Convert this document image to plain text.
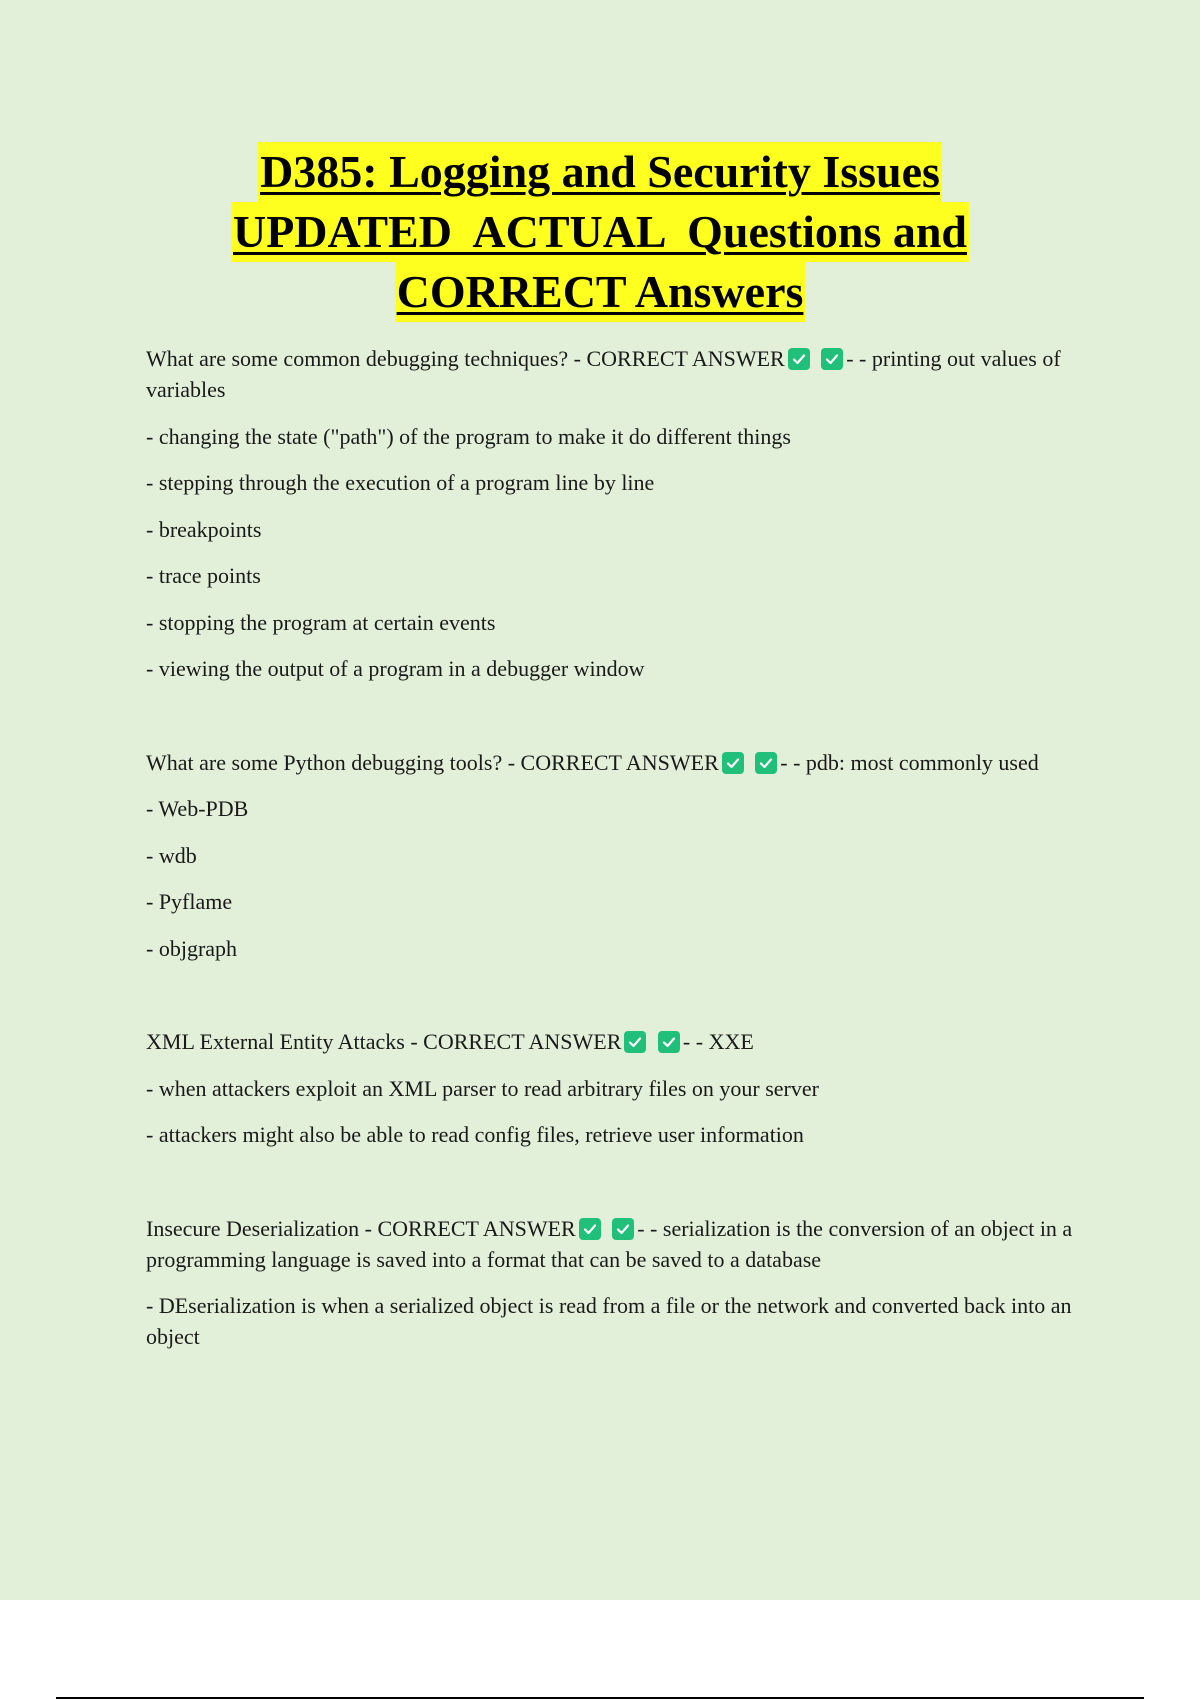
D385: Logging and Security Issues
UPDATED  ACTUAL  Questions and
CORRECT Answers

What are some common debugging techniques? - CORRECT ANSWER
	- - printing out values of variables

- changing the state ("path") of the program to make it do different things

- stepping through the execution of a program line by line

- breakpoints

- trace points

- stopping the program at certain events

- viewing the output of a program in a debugger window

What are some Python debugging tools? - CORRECT ANSWER
	- - pdb: most commonly used

- Web-PDB

- wdb

- Pyflame

- objgraph

XML External Entity Attacks - CORRECT ANSWER
	- - XXE

- when attackers exploit an XML parser to read arbitrary files on your server

- attackers might also be able to read config files, retrieve user information

Insecure Deserialization - CORRECT ANSWER
	- - serialization is the conversion of an object in a programming language is saved into a format that can be saved to a database

- DEserialization is when a serialized object is read from a file or the network and converted back into an object
